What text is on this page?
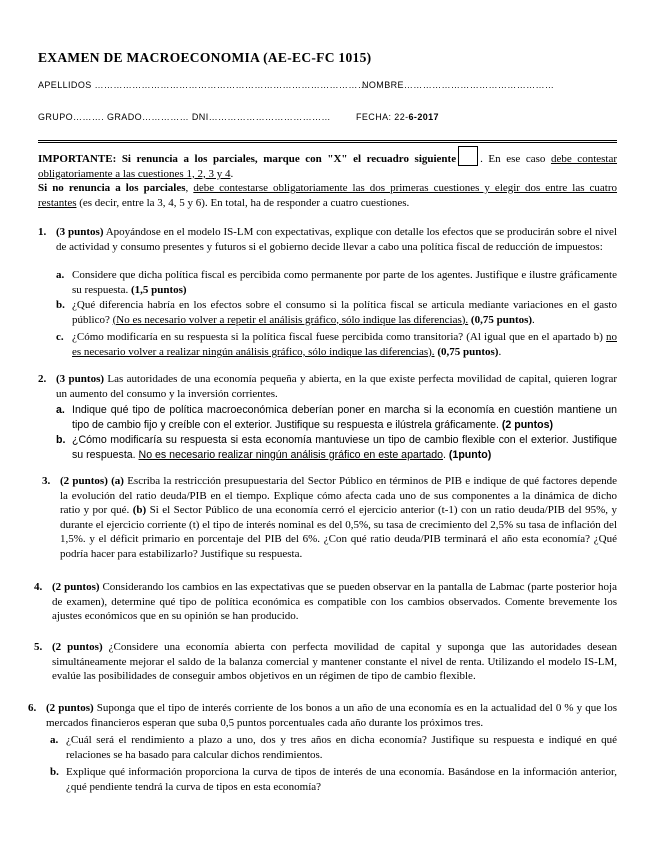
EXAMEN DE MACROECONOMIA (AE-EC-FC 1015)
APELLIDOS ……………………………………………………………………………
NOMBRE…………………………………………
GRUPO………. GRADO…………… DNI…………………………………	FECHA: 22-6-2017
IMPORTANTE: Si renuncia a los parciales, marque con "X" el recuadro siguiente . En ese caso debe contestar obligatoriamente a las cuestiones 1, 2, 3 y 4.
Si no renuncia a los parciales, debe contestarse obligatoriamente las dos primeras cuestiones y elegir dos entre las cuatro restantes (es decir, entre la 3, 4, 5 y 6). En total, ha de responder a cuatro cuestiones.
1. (3 puntos) Apoyándose en el modelo IS-LM con expectativas, explique con detalle los efectos que se producirán sobre el nivel de actividad y consumo presentes y futuros si el gobierno decide llevar a cabo una política fiscal de reducción de impuestos:
a. Considere que dicha política fiscal es percibida como permanente por parte de los agentes. Justifique e ilustre gráficamente su respuesta. (1,5 puntos)
b. ¿Qué diferencia habría en los efectos sobre el consumo si la política fiscal se articula mediante variaciones en el gasto público? (No es necesario volver a repetir el análisis gráfico, sólo indique las diferencias). (0,75 puntos).
c. ¿Cómo modificaría en su respuesta si la política fiscal fuese percibida como transitoria? (Al igual que en el apartado b) no es necesario volver a realizar ningún análisis gráfico, sólo indique las diferencias). (0,75 puntos).
2. (3 puntos) Las autoridades de una economía pequeña y abierta, en la que existe perfecta movilidad de capital, quieren lograr un aumento del consumo y la inversión corrientes.
a. Indique qué tipo de política macroeconómica deberían poner en marcha si la economía en cuestión mantiene un tipo de cambio fijo y creíble con el exterior. Justifique su respuesta e ilústrela gráficamente. (2 puntos)
b. ¿Cómo modificaría su respuesta si esta economía mantuviese un tipo de cambio flexible con el exterior. Justifique su respuesta. No es necesario realizar ningún análisis gráfico en este apartado. (1punto)
3. (2 puntos) (a) Escriba la restricción presupuestaria del Sector Público en términos de PIB e indique de qué factores depende la evolución del ratio deuda/PIB en el tiempo. Explique cómo afecta cada uno de sus componentes a la dinámica de dicho ratio y por qué. (b) Si el Sector Público de una economía cerró el ejercicio anterior (t-1) con un ratio deuda/PIB del 95%, y durante el ejercicio corriente (t) el tipo de interés nominal es del 0,5%, su tasa de crecimiento del 2,5% su tasa de inflación del 1,5%. y el déficit primario en porcentaje del PIB del 6%. ¿Con qué ratio deuda/PIB terminará el año esta economía? ¿Qué podría hacer para estabilizarlo? Justifique su respuesta.
4. (2 puntos) Considerando los cambios en las expectativas que se pueden observar en la pantalla de Labmac (parte posterior hoja de examen), determine qué tipo de política económica es compatible con los cambios observados. Comente brevemente los ajustes económicos que en su opinión se han producido.
5. (2 puntos) ¿Considere una economía abierta con perfecta movilidad de capital y suponga que las autoridades desean simultáneamente mejorar el saldo de la balanza comercial y mantener constante el nivel de renta. Utilizando el modelo IS-LM, evalúe las posibilidades de conseguir ambos objetivos en un régimen de tipo de cambio flexible.
6. (2 puntos) Suponga que el tipo de interés corriente de los bonos a un año de una economía es en la actualidad del 0 % y que los mercados financieros esperan que suba 0,5 puntos porcentuales cada año durante los próximos tres.
a. ¿Cuál será el rendimiento a plazo a uno, dos y tres años en dicha economía? Justifique su respuesta e indiqué en qué relaciones se ha basado para calcular dichos rendimientos.
b. Explique qué información proporciona la curva de tipos de interés de una economía. Basándose en la información anterior, ¿qué pendiente tendrá la curva de tipos en esta economía?
